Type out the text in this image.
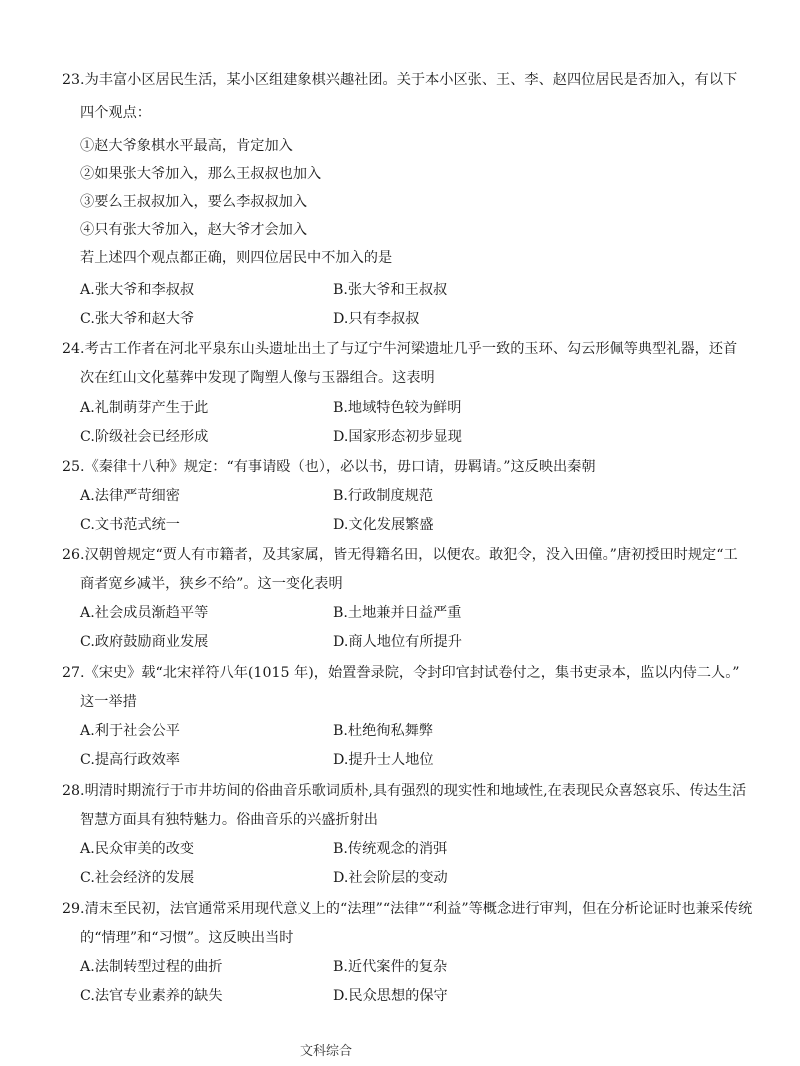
23.为丰富小区居民生活，某小区组建象棋兴趣社团。关于本小区张、王、李、赵四位居民是否加入，有以下
四个观点：
①赵大爷象棋水平最高，肯定加入
②如果张大爷加入，那么王叔叔也加入
③要么王叔叔加入，要么李叔叔加入
④只有张大爷加入，赵大爷才会加入
若上述四个观点都正确，则四位居民中不加入的是
A.张大爷和李叔叔	B.张大爷和王叔叔
C.张大爷和赵大爷	D.只有李叔叔
24.考古工作者在河北平泉东山头遗址出土了与辽宁牛河梁遗址几乎一致的玉环、勾云形佩等典型礼器，还首
次在红山文化墓葬中发现了陶塑人像与玉器组合。这表明
A.礼制萌芽产生于此	B.地域特色较为鲜明
C.阶级社会已经形成	D.国家形态初步显现
25.《秦律十八种》规定：“有事请殴（也），必以书，毋口请，毋羁请。”这反映出秦朝
A.法律严苛细密	B.行政制度规范
C.文书范式统一	D.文化发展繁盛
26.汉朝曾规定“贾人有市籍者，及其家属，皆无得籍名田，以便农。敢犯令，没入田僮。”唐初授田时规定“工
商者宽乡减半，狭乡不给”。这一变化表明
A.社会成员渐趋平等	B.土地兼并日益严重
C.政府鼓励商业发展	D.商人地位有所提升
27.《宋史》载“北宋祥符八年(1015 年)，始置誊录院，令封印官封试卷付之，集书吏录本，监以内侍二人。”
这一举措
A.利于社会公平	B.杜绝徇私舞弊
C.提高行政效率	D.提升士人地位
28.明清时期流行于市井坊间的俗曲音乐歌词质朴,具有强烈的现实性和地域性,在表现民众喜怒哀乐、传达生活
智慧方面具有独特魅力。俗曲音乐的兴盛折射出
A.民众审美的改变	B.传统观念的消弭
C.社会经济的发展	D.社会阶层的变动
29.清末至民初，法官通常采用现代意义上的“法理”“法律”“利益”等概念进行审判，但在分析论证时也兼采传统
的“情理”和“习惯”。这反映出当时
A.法制转型过程的曲折	B.近代案件的复杂
C.法官专业素养的缺失	D.民众思想的保守
文科综合
